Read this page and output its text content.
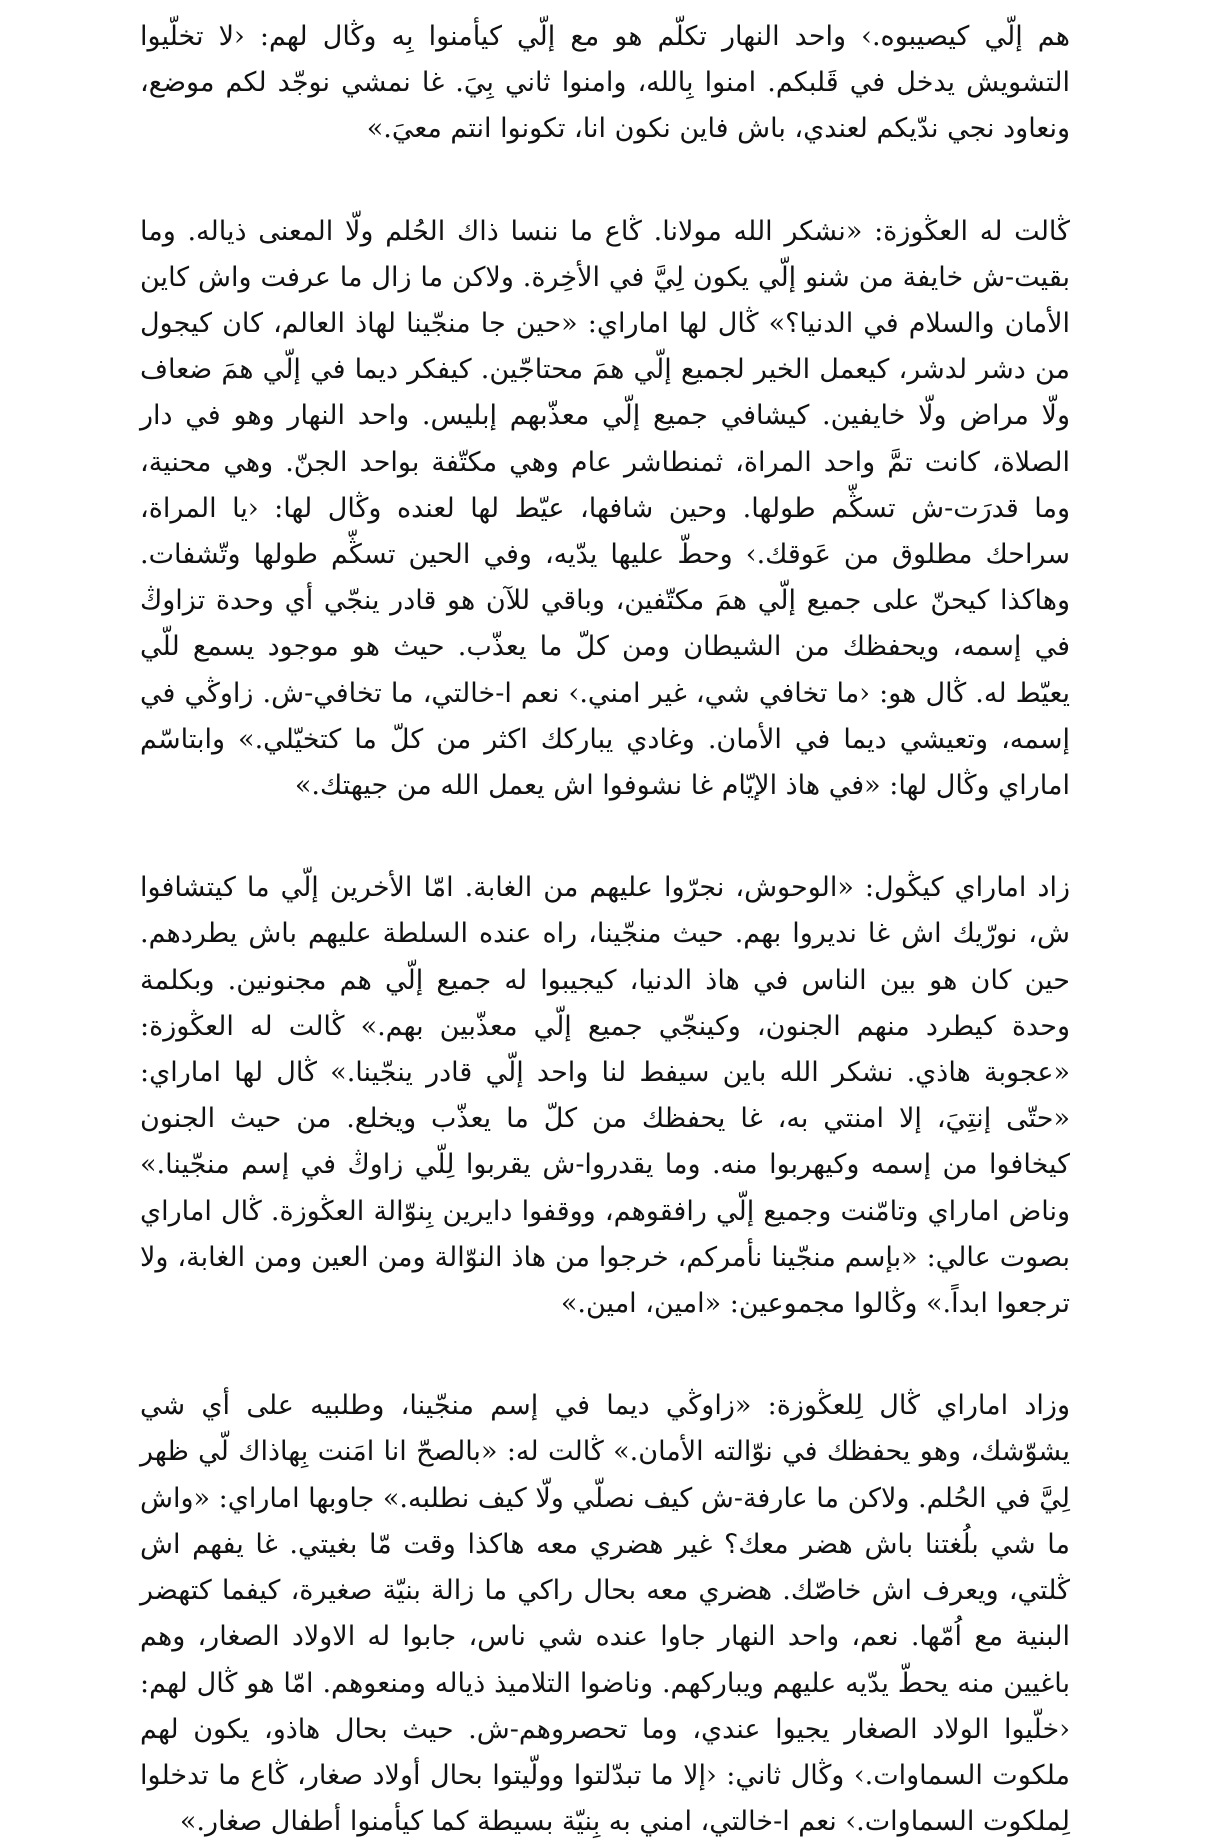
هم إلّي كيصيبوه.› واحد النهار تكلّم هو مع إلّي كيأمنوا بِه وڭال لهم: ‹لا تخلّيوا التشويش يدخل في قَلبكم. امنوا بِالله، وامنوا ثاني بِيَ. غا نمشي نوجّد لكم موضع، ونعاود نجي ندّيكم لعندي، باش فاين نكون انا، تكونوا انتم معيَ.»

ڭالت له العڭوزة: «نشكر الله مولانا. ڭاع ما ننسا ذاك الحُلم ولّا المعنى ذياله. وما بقيت-ش خايفة من شنو إلّي يكون لِيَّ في الأخِرة. ولاكن ما زال ما عرفت واش كاين الأمان والسلام في الدنيا؟» ڭال لها اماراي: «حين جا منجّينا لهاذ العالم، كان كيجول من دشر لدشر، كيعمل الخير لجميع إلّي همَ محتاجّين. كيفكر ديما في إلّي همَ ضعاف ولّا مراض ولّا خايفين. كيشافي جميع إلّي معذّبهم إبليس. واحد النهار وهو في دار الصلاة، كانت تمَّ واحد المراة، ثمنطاشر عام وهي مكتّفة بواحد الجنّ. وهي محنية، وما قدرَت-ش تسڭّم طولها. وحين شافها، عيّط لها لعنده وڭال لها: ‹يا المراة، سراحك مطلوق من عَوقك.› وحطّ عليها يدّيه، وفي الحين تسڭّم طولها وتّشفات. وهاكذا كيحنّ على جميع إلّي همَ مكتّفين، وباقي للآن هو قادر ينجّي أي وحدة تزاوڭ في إسمه، ويحفظك من الشيطان ومن كلّ ما يعذّب. حيث هو موجود يسمع للّي يعيّط له. ڭال هو: ‹ما تخافي شي، غير امني.› نعم ا-خالتي، ما تخافي-ش. زاوڭي في إسمه، وتعيشي ديما في الأمان. وغادي يباركك اكثر من كلّ ما كتخيّلي.» وابتاسّم اماراي وڭال لها: «في هاذ الإيّام غا نشوفوا اش يعمل الله من جيهتك.»

زاد اماراي كيڭول: «الوحوش، نجرّوا عليهم من الغابة. امّا الأخرين إلّي ما كيتشافوا ش، نورّيك اش غا نديروا بهم. حيث منجّينا، راه عنده السلطة عليهم باش يطردهم. حين كان هو بين الناس في هاذ الدنيا، كيجيبوا له جميع إلّي هم مجنونين. وبكلمة وحدة كيطرد منهم الجنون، وكينجّي جميع إلّي معذّبين بهم.» ڭالت له العڭوزة: «عجوبة هاذي. نشكر الله باين سيفط لنا واحد إلّي قادر ينجّينا.» ڭال لها اماراي: «حتّى إنتِيَ، إلا امنتي به، غا يحفظك من كلّ ما يعذّب ويخلع. من حيث الجنون كيخافوا من إسمه وكيهربوا منه. وما يقدروا-ش يقربوا لِلّي زاوڭ في إسم منجّينا.» وناض اماراي وتامّنت وجميع إلّي رافقوهم، ووقفوا دايرين بِنوّالة العڭوزة. ڭال اماراي بصوت عالي: «بإسم منجّينا نأمركم، خرجوا من هاذ النوّالة ومن العين ومن الغابة، ولا ترجعوا ابداً.» وڭالوا مجموعين: «امين، امين.»

وزاد اماراي ڭال لِلعڭوزة: «زاوڭي ديما في إسم منجّينا، وطلبيه على أي شي يشوّشك، وهو يحفظك في نوّالته الأمان.» ڭالت له: «بالصحّ انا امَنت بِهاذاك لّي ظهر لِيَّ في الحُلم. ولاكن ما عارفة-ش كيف نصلّي ولّا كيف نطلبه.» جاوبها اماراي: «واش ما شي بلُغتنا باش هضر معك؟ غير هضري معه هاكذا وقت مّا بغيتي. غا يفهم اش ڭلتي، ويعرف اش خاصّك. هضري معه بحال راكي ما زالة بنيّة صغيرة، كيفما كتهضر البنية مع اُمّها. نعم، واحد النهار جاوا عنده شي ناس، جابوا له الاولاد الصغار، وهم باغيين منه يحطّ يدّيه عليهم ويباركهم. وناضوا التلاميذ ذياله ومنعوهم. امّا هو ڭال لهم: ‹خلّيوا الولاد الصغار يجيوا عندي، وما تحصروهم-ش. حيث بحال هاذو، يكون لهم ملكوت السماوات.› وڭال ثاني: ‹إلا ما تبدّلتوا وولّيتوا بحال أولاد صغار، ڭاع ما تدخلوا لِملكوت السماوات.› نعم ا-خالتي، امني به بِنيّة بسيطة كما كيأمنوا أطفال صغار.»
